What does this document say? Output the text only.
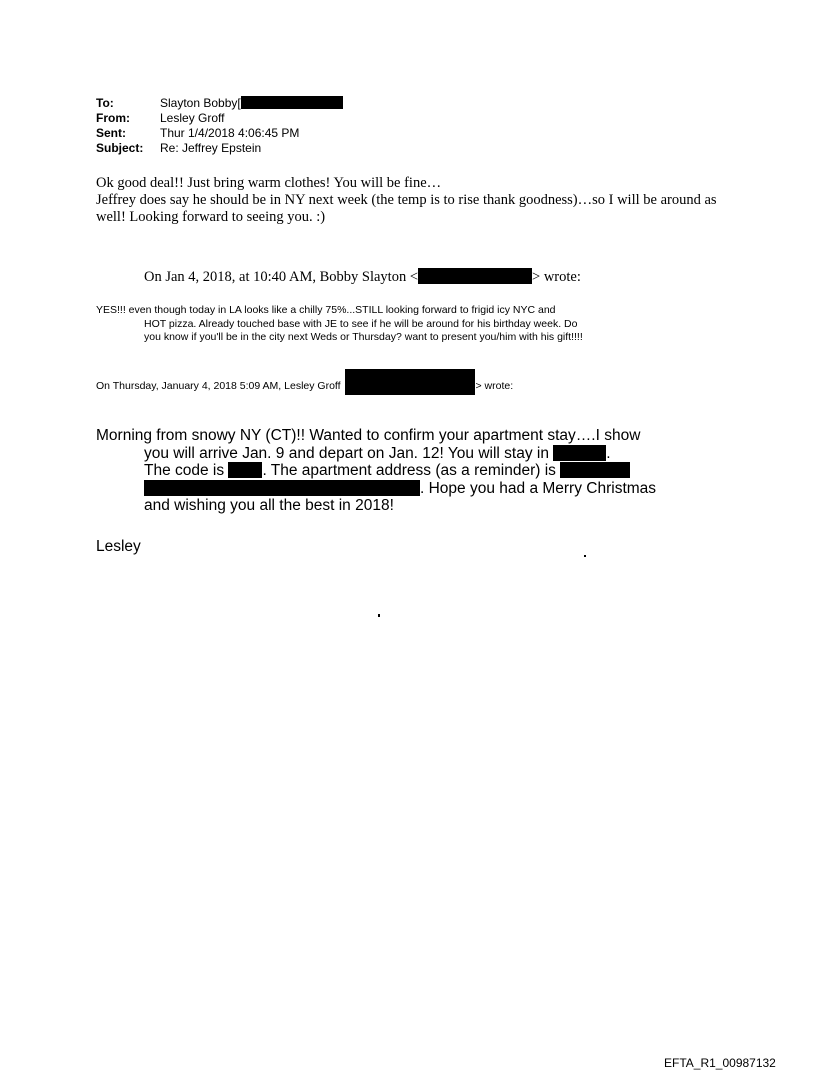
To:	Slayton Bobby[
From:	Lesley Groff
Sent:	Thur 1/4/2018 4:06:45 PM
Subject:	Re: Jeffrey Epstein

Ok good deal!! Just bring warm clothes! You will be fine…

Jeffrey does say he should be in NY next week (the temp is to rise thank goodness)…so I will be around as well! Looking forward to seeing you. :)

On Jan 4, 2018, at 10:40 AM, Bobby Slayton <	> wrote:
YES!!! even though today in LA looks like a chilly 75%...STILL looking forward to frigid icy NYC and
HOT pizza. Already touched base with JE to see if he will be around for his birthday week. Do
you know if you'll be in the city next Weds or Thursday? want to present you/him with his gift!!!!
On Thursday, January 4, 2018 5:09 AM, Lesley Groff	> wrote:
Morning from snowy NY (CT)!! Wanted to confirm your apartment stay….I show
you will arrive Jan. 9 and depart on Jan. 12! You will stay in	.
The code is . The apartment address (as a reminder) is
. Hope you had a Merry Christmas
and wishing you all the best in 2018!
Lesley
EFTA_R1_00987132
